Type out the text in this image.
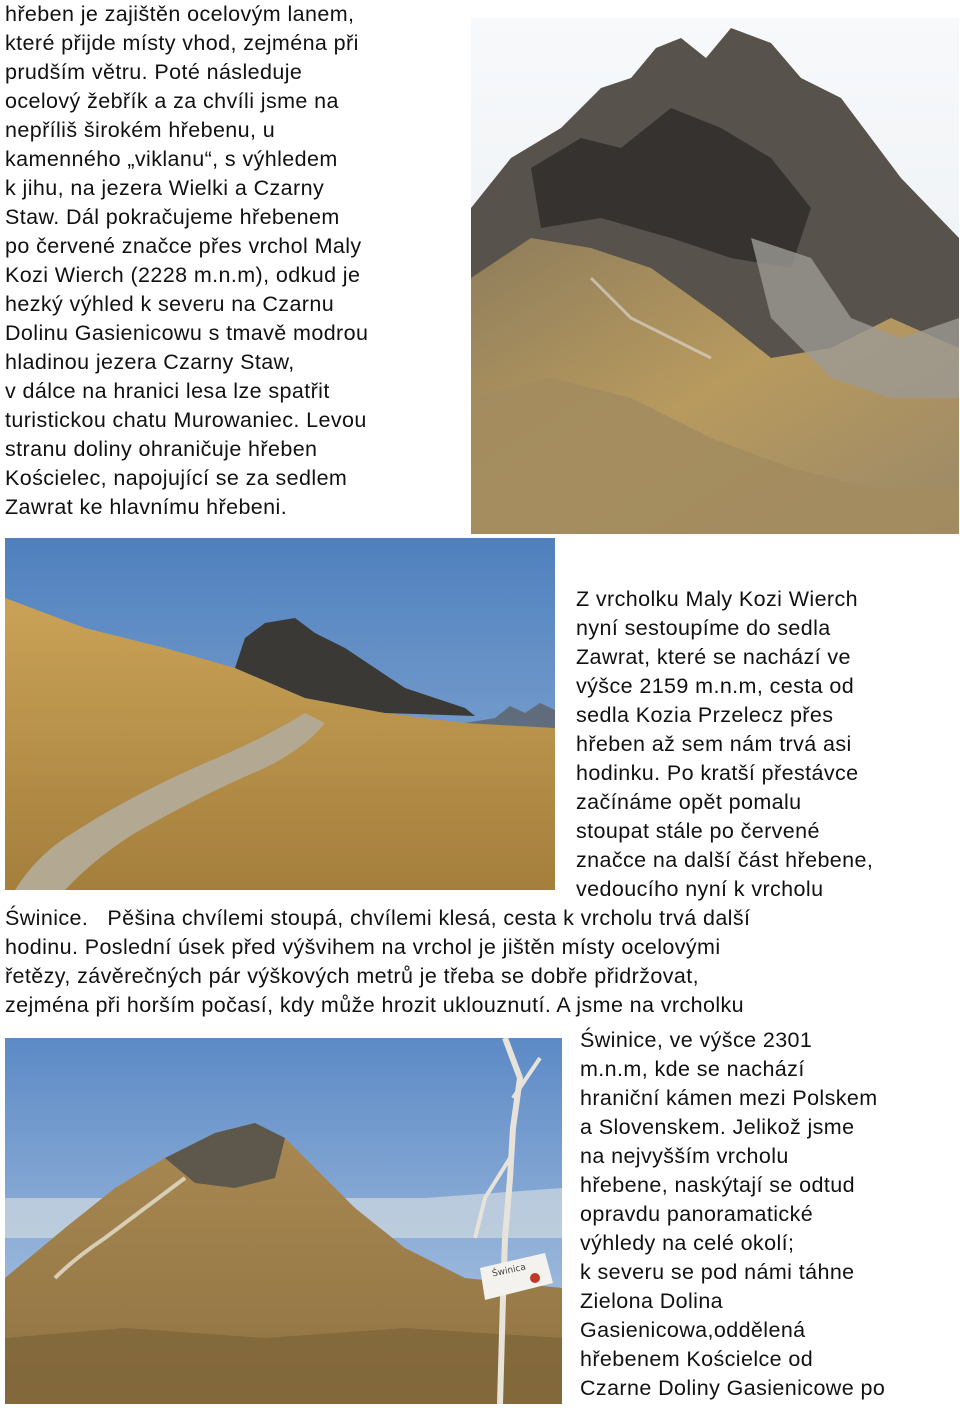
hřeben je zajištěn ocelovým lanem,
které přijde místy vhod, zejména při
prudším větru. Poté následuje
ocelový žebřík a za chvíli jsme na
nepříliš širokém hřebenu, u
kamenného „viklanu“, s výhledem
k jihu, na jezera Wielki a Czarny
Staw. Dál pokračujeme hřebenem
po červené značce přes vrchol Maly
Kozi Wierch (2228 m.n.m), odkud je
hezký výhled k severu na Czarnu
Dolinu Gasienicowu s tmavě modrou
hladinou jezera Czarny Staw,
v dálce na hranici lesa lze spatřit
turistickou chatu Murowaniec. Levou
stranu doliny ohraničuje hřeben
Kościelec, napojující se za sedlem
Zawrat ke hlavnímu hřebeni.
Z vrcholku Maly Kozi Wierch
nyní sestoupíme do sedla
Zawrat, které se nachází ve
výšce 2159 m.n.m, cesta od
sedla Kozia Przelecz přes
hřeben až sem nám trvá asi
hodinku. Po kratší přestávce
začínáme opět pomalu
stoupat stále po červené
značce na další část hřebene,
vedoucího nyní k vrcholu
Świnice.   Pěšina chvílemi stoupá, chvílemi klesá, cesta k vrcholu trvá další
hodinu. Poslední úsek před výšvihem na vrchol je jištěn místy ocelovými
řetězy, závěrečných pár výškových metrů je třeba se dobře přidržovat,
zejména při horším počasí, kdy může hrozit uklouznutí. A jsme na vrcholku
Świnica
Świnice, ve výšce 2301
m.n.m, kde se nachází
hraniční kámen mezi Polskem
a Slovenskem. Jelikož jsme
na nejvyšším vrcholu
hřebene, naskýtají se odtud
opravdu panoramatické
výhledy na celé okolí;
k severu se pod námi táhne
Zielona Dolina
Gasienicowa,oddělená
hřebenem Kościelce od
Czarne Doliny Gasienicowe po
